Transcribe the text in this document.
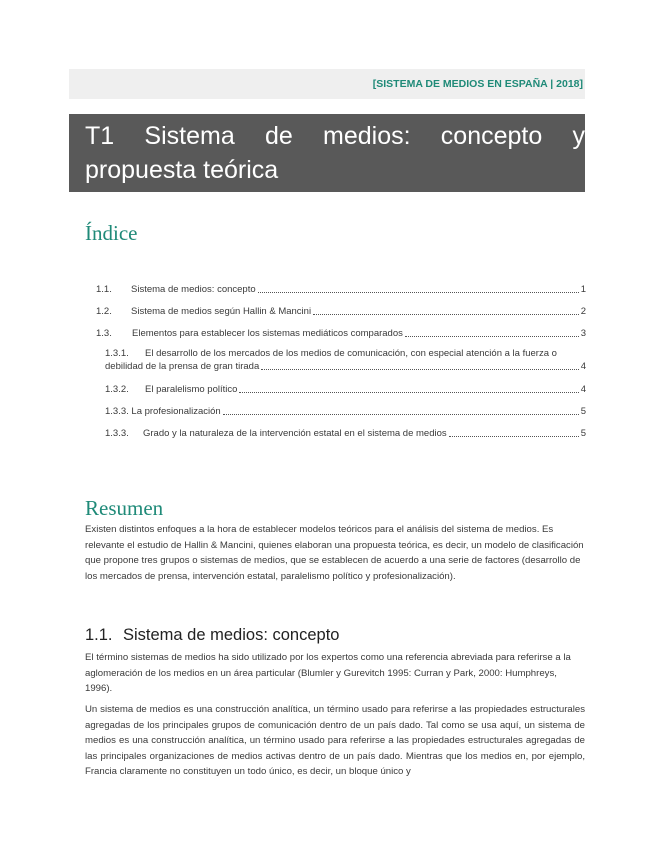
[SISTEMA DE MEDIOS EN ESPAÑA | 2018]
T1 Sistema de medios: concepto y
propuesta teórica
Índice
1.1.	Sistema de medios: concepto	1
1.2.	Sistema de medios según Hallin & Mancini	2
1.3.	Elementos para establecer los sistemas mediáticos comparados	3
1.3.1. El desarrollo de los mercados de los medios de comunicación, con especial atención a la fuerza o
debilidad de la prensa de gran tirada	4
1.3.2.	El paralelismo político	4
1.3.3. La profesionalización	5
1.3.3.	Grado y la naturaleza de la intervención estatal en el sistema de medios	5
Resumen

Existen distintos enfoques a la hora de establecer modelos teóricos para el análisis del sistema de medios. Es relevante el estudio de Hallin & Mancini, quienes elaboran una propuesta teórica, es decir, un modelo de clasificación que propone tres grupos o sistemas de medios, que se establecen de acuerdo a una serie de factores (desarrollo de los mercados de prensa, intervención estatal, paralelismo político y profesionalización).

1.1. Sistema de medios: concepto

El término sistemas de medios ha sido utilizado por los expertos como una referencia abreviada para referirse a la aglomeración de los medios en un área particular (Blumler y Gurevitch 1995: Curran y Park, 2000: Humphreys, 1996).

Un sistema de medios es una construcción analítica, un término usado para referirse a las propiedades estructurales agregadas de los principales grupos de comunicación dentro de un país dado. Tal como se usa aquí, un sistema de medios es una construcción analítica, un término usado para referirse a las propiedades estructurales agregadas de las principales organizaciones de medios activas dentro de un país dado. Mientras que los medios en, por ejemplo, Francia claramente no constituyen un todo único, es decir, un bloque único y
